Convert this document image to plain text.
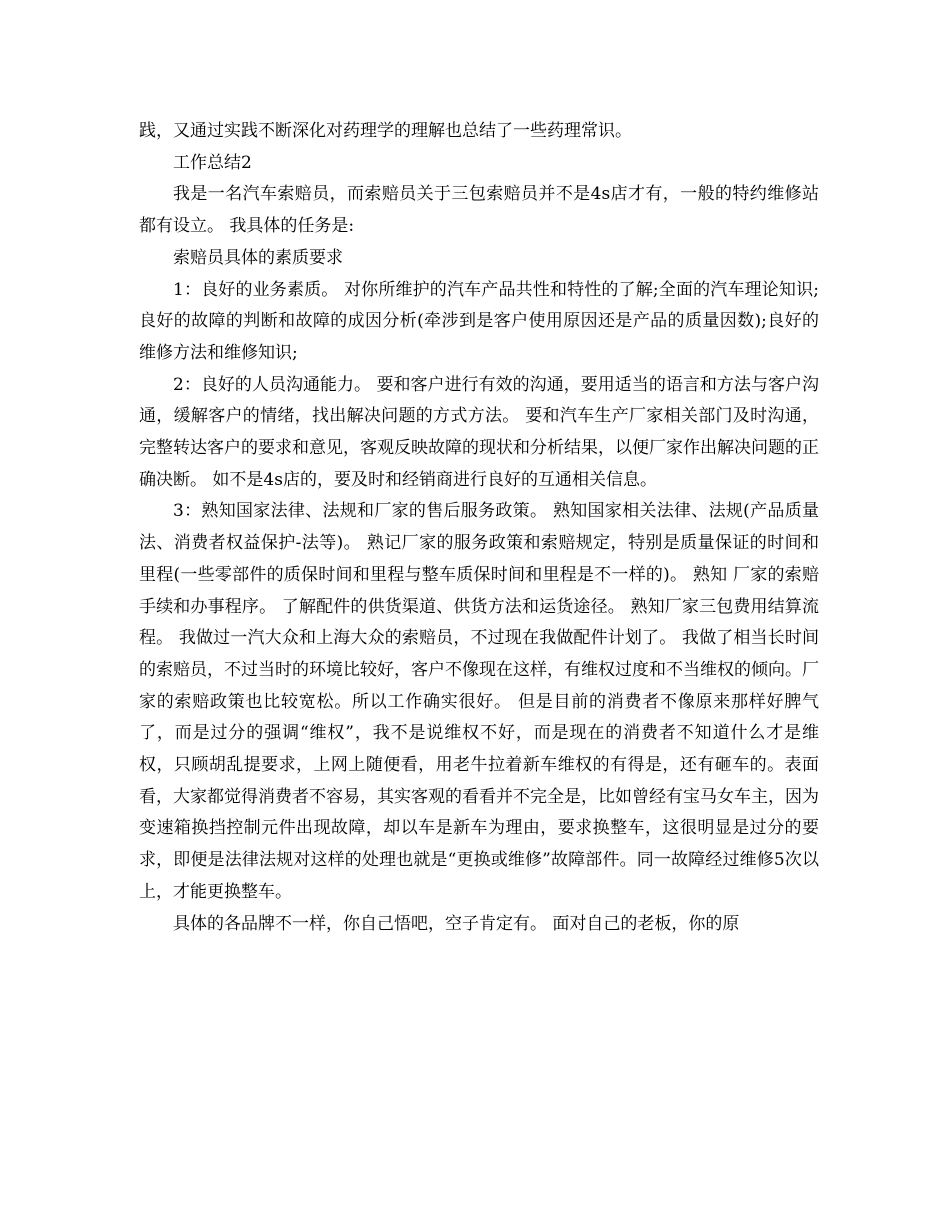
践，又通过实践不断深化对药理学的理解也总结了一些药理常识。

工作总结2

我是一名汽车索赔员，而索赔员关于三包索赔员并不是4s店才有，一般的特约维修站都有设立。 我具体的任务是:

索赔员具体的素质要求

1：良好的业务素质。 对你所维护的汽车产品共性和特性的了解;全面的汽车理论知识;良好的故障的判断和故障的成因分析(牵涉到是客户使用原因还是产品的质量因数);良好的维修方法和维修知识;

2：良好的人员沟通能力。 要和客户进行有效的沟通，要用适当的语言和方法与客户沟通，缓解客户的情绪，找出解决问题的方式方法。 要和汽车生产厂家相关部门及时沟通，完整转达客户的要求和意见，客观反映故障的现状和分析结果，以便厂家作出解决问题的正确决断。 如不是4s店的，要及时和经销商进行良好的互通相关信息。

3：熟知国家法律、法规和厂家的售后服务政策。 熟知国家相关法律、法规(产品质量法、消费者权益保护-法等)。 熟记厂家的服务政策和索赔规定，特别是质量保证的时间和里程(一些零部件的质保时间和里程与整车质保时间和里程是不一样的)。 熟知 厂家的索赔手续和办事程序。 了解配件的供货渠道、供货方法和运货途径。 熟知厂家三包费用结算流程。 我做过一汽大众和上海大众的索赔员，不过现在我做配件计划了。 我做了相当长时间的索赔员，不过当时的环境比较好，客户不像现在这样，有维权过度和不当维权的倾向。厂家的索赔政策也比较宽松。所以工作确实很好。 但是目前的消费者不像原来那样好脾气了，而是过分的强调“维权”，我不是说维权不好，而是现在的消费者不知道什么才是维权，只顾胡乱提要求，上网上随便看，用老牛拉着新车维权的有得是，还有砸车的。表面看，大家都觉得消费者不容易，其实客观的看看并不完全是，比如曾经有宝马女车主，因为变速箱换挡控制元件出现故障，却以车是新车为理由，要求换整车，这很明显是过分的要求，即便是法律法规对这样的处理也就是“更换或维修”故障部件。同一故障经过维修5次以上，才能更换整车。

具体的各品牌不一样，你自己悟吧，空子肯定有。 面对自己的老板，你的原
